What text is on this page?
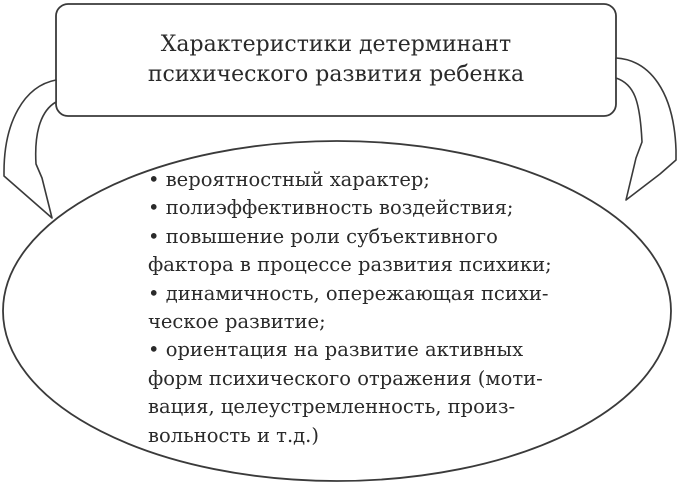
Характеристики детерминант
психического развития ребенка
• вероятностный характер;
• полиэффективность воздействия;
• повышение роли субъективного
фактора в процессе развития психики;
• динамичность, опережающая психи-
ческое развитие;
• ориентация на развитие активных
форм психического отражения (моти-
вация, целеустремленность, произ-
вольность и т.д.)
